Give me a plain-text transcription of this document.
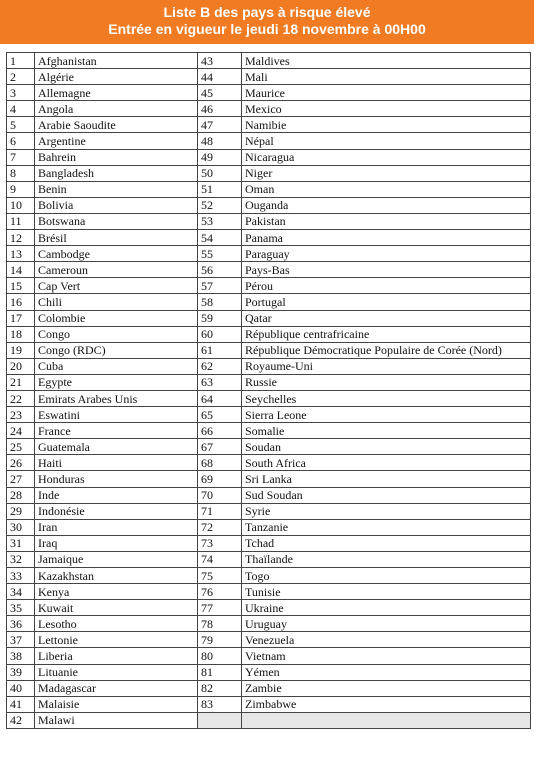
Liste B des pays à risque élevé
Entrée en vigueur le jeudi 18 novembre à 00H00
1	Afghanistan	43	Maldives
2	Algérie	44	Mali
3	Allemagne	45	Maurice
4	Angola	46	Mexico
5	Arabie Saoudite	47	Namibie
6	Argentine	48	Népal
7	Bahrein	49	Nicaragua
8	Bangladesh	50	Niger
9	Benin	51	Oman
10	Bolivia	52	Ouganda
11	Botswana	53	Pakistan
12	Brésil	54	Panama
13	Cambodge	55	Paraguay
14	Cameroun	56	Pays-Bas
15	Cap Vert	57	Pérou
16	Chili	58	Portugal
17	Colombie	59	Qatar
18	Congo	60	République centrafricaine
19	Congo (RDC)	61	République Démocratique Populaire de Corée (Nord)
20	Cuba	62	Royaume-Uni
21	Egypte	63	Russie
22	Emirats Arabes Unis	64	Seychelles
23	Eswatini	65	Sierra Leone
24	France	66	Somalie
25	Guatemala	67	Soudan
26	Haiti	68	South Africa
27	Honduras	69	Sri Lanka
28	Inde	70	Sud Soudan
29	Indonésie	71	Syrie
30	Iran	72	Tanzanie
31	Iraq	73	Tchad
32	Jamaique	74	Thaïlande
33	Kazakhstan	75	Togo
34	Kenya	76	Tunisie
35	Kuwait	77	Ukraine
36	Lesotho	78	Uruguay
37	Lettonie	79	Venezuela
38	Liberia	80	Vietnam
39	Lituanie	81	Yémen
40	Madagascar	82	Zambie
41	Malaisie	83	Zimbabwe
42	Malawi		
